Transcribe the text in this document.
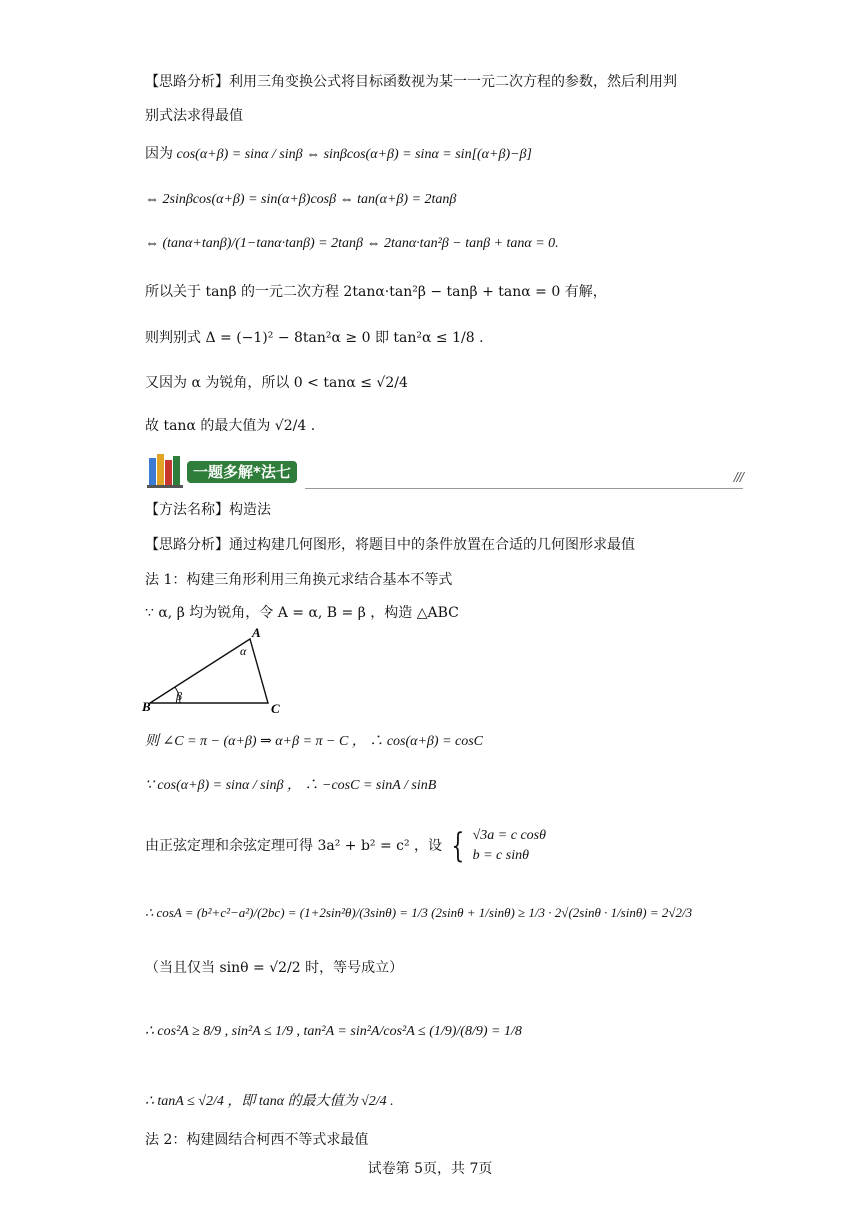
【思路分析】利用三角变换公式将目标函数视为某一一元二次方程的参数，然后利用判
别式法求得最值
因为 cos(α+β) = sinα / sinβ ⇔ sinβcos(α+β) = sinα = sin[(α+β)−β]
⇔ 2sinβcos(α+β) = sin(α+β)cosβ ⇔ tan(α+β) = 2tanβ
⇔ (tanα+tanβ)/(1−tanα·tanβ) = 2tanβ ⇔ 2tanα·tan²β − tanβ + tanα = 0.
所以关于 tanβ 的一元二次方程 2tanα·tan²β − tanβ + tanα = 0 有解，
则判别式 Δ = (−1)² − 8tan²α ≥ 0 即 tan²α ≤ 1/8 .
又因为 α 为锐角，所以 0 < tanα ≤ √2/4
故 tanα 的最大值为 √2/4 .
一题多解*法七	///
【方法名称】构造法
【思路分析】通过构建几何图形，将题目中的条件放置在合适的几何图形求最值
法 1：构建三角形利用三角换元求结合基本不等式
∵ α, β 均为锐角，令 A = α, B = β ，构造 △ABC
A
B	C
α
β
则 ∠C = π − (α+β) ⇒ α+β = π − C ， ∴ cos(α+β) = cosC
∵ cos(α+β) = sinα / sinβ ， ∴ −cosC = sinA / sinB
由正弦定理和余弦定理可得 3a² + b² = c² ，设 { √3a = c cosθ
b = c sinθ
∴ cosA = (b²+c²−a²)/(2bc) = (1+2sin²θ)/(3sinθ) = 1/3 (2sinθ + 1/sinθ) ≥ 1/3 · 2√(2sinθ · 1/sinθ) = 2√2/3
（当且仅当 sinθ = √2/2 时，等号成立）
∴ cos²A ≥ 8/9 , sin²A ≤ 1/9 , tan²A = sin²A/cos²A ≤ (1/9)/(8/9) = 1/8
∴ tanA ≤ √2/4 ，即 tanα 的最大值为 √2/4 .
法 2：构建圆结合柯西不等式求最值
试卷第 5页，共 7页
